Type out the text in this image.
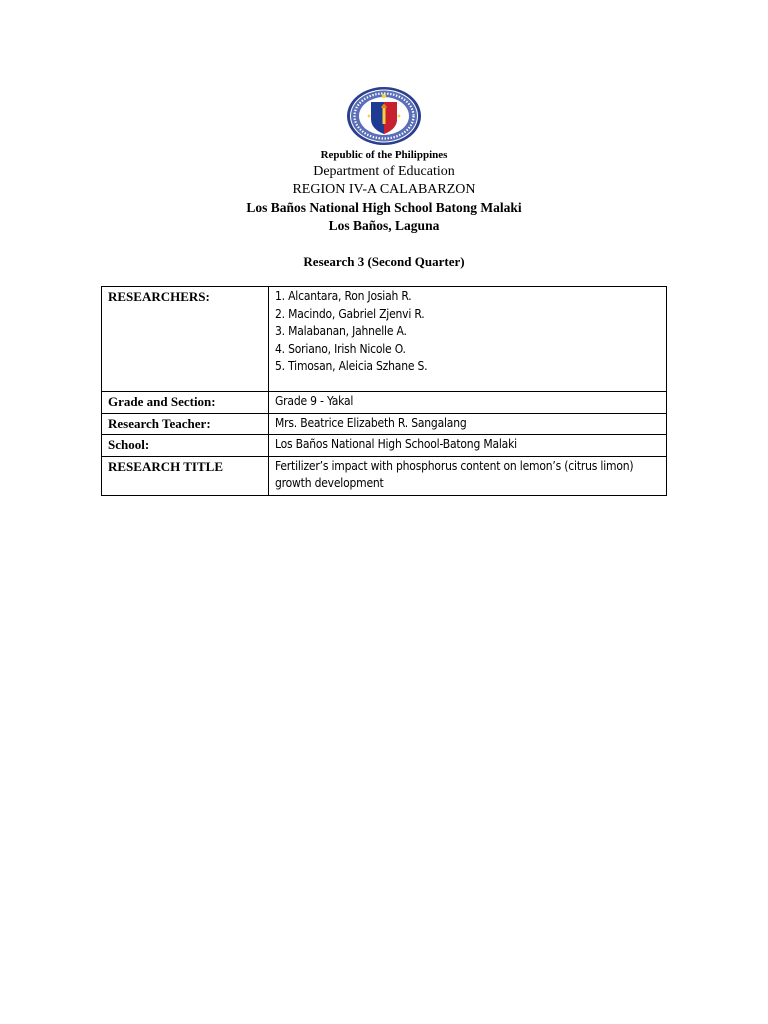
Republic of the Philippines
Department of Education
REGION IV-A CALABARZON
Los Baños National High School Batong Malaki
Los Baños, Laguna
Research 3 (Second Quarter)
RESEARCHERS:	1. Alcantara, Ron Josiah R.
2. Macindo, Gabriel Zjenvi R.
3. Malabanan, Jahnelle A.
4. Soriano, Irish Nicole O.
5. Timosan, Aleicia Szhane S.

Grade and Section:	Grade 9 - Yakal
Research Teacher:	Mrs. Beatrice Elizabeth R. Sangalang
School:	Los Baños National High School-Batong Malaki
RESEARCH TITLE	Fertilizer’s impact with phosphorus content on lemon’s (citrus limon) growth development
